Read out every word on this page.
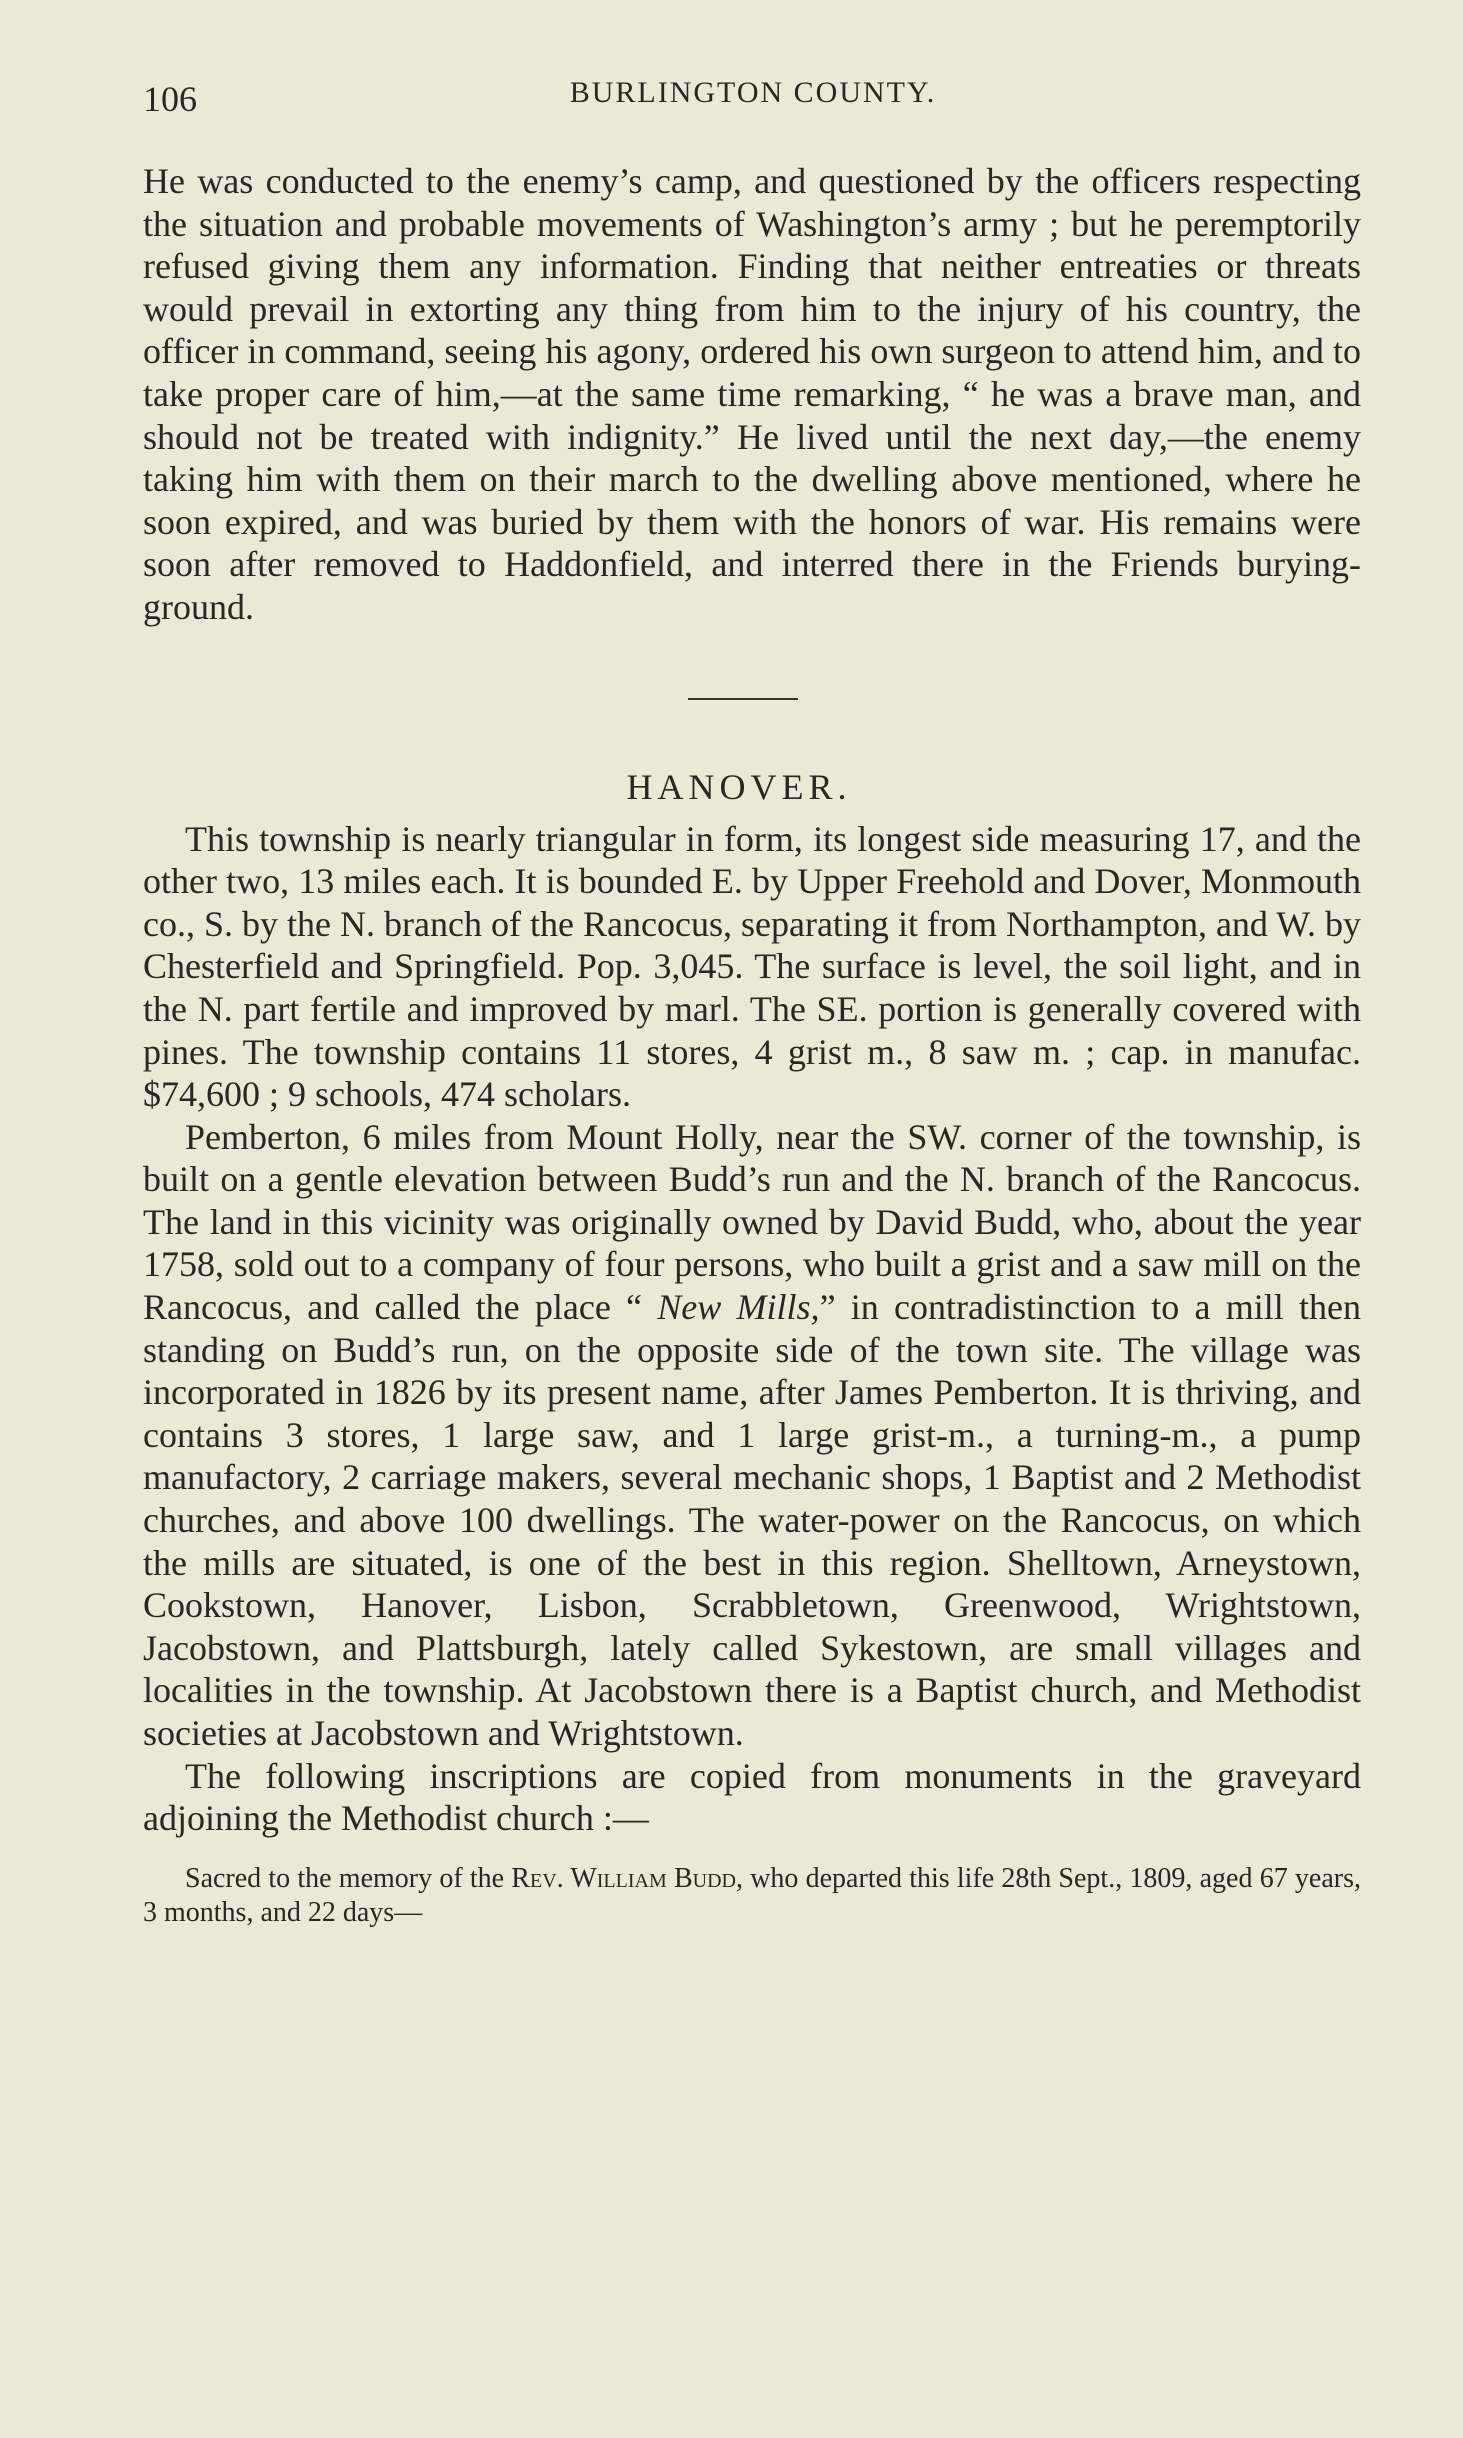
106	BURLINGTON COUNTY.

He was conducted to the enemy’s camp, and questioned by the officers respecting the situation and probable movements of Washington’s army ; but he peremptorily refused giving them any information. Finding that neither entreaties or threats would prevail in extorting any thing from him to the injury of his country, the officer in command, seeing his agony, ordered his own surgeon to attend him, and to take proper care of him,—at the same time remarking, “ he was a brave man, and should not be treated with indignity.” He lived until the next day,—the enemy taking him with them on their march to the dwelling above mentioned, where he soon expired, and was buried by them with the honors of war. His remains were soon after removed to Haddonfield, and interred there in the Friends burying-ground.

HANOVER.

This township is nearly triangular in form, its longest side measuring 17, and the other two, 13 miles each. It is bounded E. by Upper Freehold and Dover, Monmouth co., S. by the N. branch of the Rancocus, separating it from Northampton, and W. by Chesterfield and Springfield. Pop. 3,045. The surface is level, the soil light, and in the N. part fertile and improved by marl. The SE. portion is generally covered with pines. The township contains 11 stores, 4 grist m., 8 saw m. ; cap. in manufac. $74,600 ; 9 schools, 474 scholars.

Pemberton, 6 miles from Mount Holly, near the SW. corner of the township, is built on a gentle elevation between Budd’s run and the N. branch of the Rancocus. The land in this vicinity was originally owned by David Budd, who, about the year 1758, sold out to a company of four persons, who built a grist and a saw mill on the Rancocus, and called the place “ New Mills,” in contradistinction to a mill then standing on Budd’s run, on the opposite side of the town site. The village was incorporated in 1826 by its present name, after James Pemberton. It is thriving, and contains 3 stores, 1 large saw, and 1 large grist-m., a turning-m., a pump manufactory, 2 carriage makers, several mechanic shops, 1 Baptist and 2 Methodist churches, and above 100 dwellings. The water-power on the Rancocus, on which the mills are situated, is one of the best in this region. Shelltown, Arneystown, Cookstown, Hanover, Lisbon, Scrabbletown, Greenwood, Wrightstown, Jacobstown, and Plattsburgh, lately called Sykestown, are small villages and localities in the township. At Jacobstown there is a Baptist church, and Methodist societies at Jacobstown and Wrightstown.

The following inscriptions are copied from monuments in the graveyard adjoining the Methodist church :—

Sacred to the memory of the Rev. William Budd, who departed this life 28th Sept., 1809, aged 67 years, 3 months, and 22 days—
